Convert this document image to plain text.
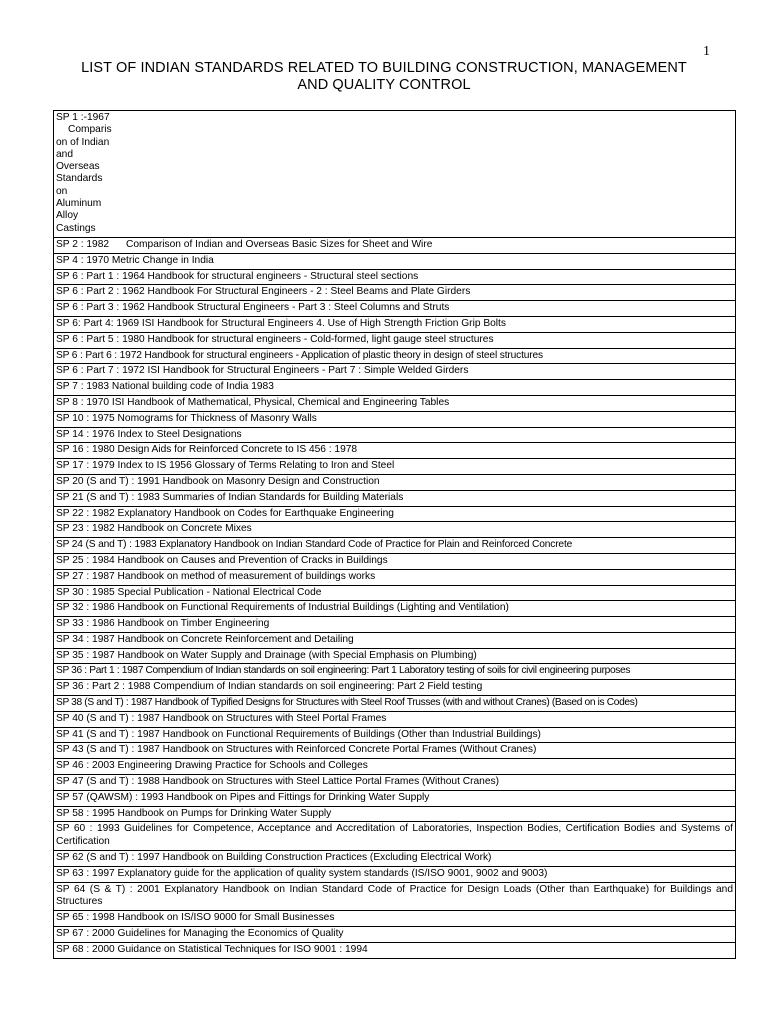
1
LIST OF INDIAN STANDARDS RELATED TO BUILDING CONSTRUCTION, MANAGEMENT
AND QUALITY CONTROL
SP 1 :-1967
Comparis
on of Indian
and
Overseas
Standards
on
Aluminum
Alloy
Castings
SP 2 : 1982      Comparison of Indian and Overseas Basic Sizes for Sheet and Wire
SP 4 : 1970 Metric Change in India
SP 6 : Part 1 : 1964 Handbook for structural engineers - Structural steel sections
SP 6 : Part 2 : 1962 Handbook For Structural Engineers - 2 : Steel Beams and Plate Girders
SP 6 : Part 3 : 1962 Handbook Structural Engineers - Part 3 : Steel Columns and Struts
SP 6: Part 4: 1969 ISI Handbook for Structural Engineers 4. Use of High Strength Friction Grip Bolts
SP 6 : Part 5 : 1980 Handbook for structural engineers - Cold-formed, light gauge steel structures
SP 6 : Part 6 : 1972 Handbook for structural engineers - Application of plastic theory in design of steel structures
SP 6 : Part 7 : 1972 ISI Handbook for Structural Engineers - Part 7 : Simple Welded Girders
SP 7 : 1983 National building code of India 1983
SP 8 : 1970 ISI Handbook of Mathematical, Physical, Chemical and Engineering Tables
SP 10 : 1975 Nomograms for Thickness of Masonry Walls
SP 14 : 1976 Index to Steel Designations
SP 16 : 1980 Design Aids for Reinforced Concrete to IS 456 : 1978
SP 17 : 1979 Index to IS 1956 Glossary of Terms Relating to Iron and Steel
SP 20 (S and T) : 1991 Handbook on Masonry Design and Construction
SP 21 (S and T) : 1983 Summaries of Indian Standards for Building Materials
SP 22 : 1982 Explanatory Handbook on Codes for Earthquake Engineering
SP 23 : 1982 Handbook on Concrete Mixes
SP 24 (S and T) : 1983 Explanatory Handbook on Indian Standard Code of Practice for Plain and Reinforced Concrete
SP 25 : 1984 Handbook on Causes and Prevention of Cracks in Buildings
SP 27 : 1987 Handbook on method of measurement of buildings works
SP 30 : 1985 Special Publication - National Electrical Code
SP 32 : 1986 Handbook on Functional Requirements of Industrial Buildings (Lighting and Ventilation)
SP 33 : 1986 Handbook on Timber Engineering
SP 34 : 1987 Handbook on Concrete Reinforcement and Detailing
SP 35 : 1987 Handbook on Water Supply and Drainage (with Special Emphasis on Plumbing)
SP 36 : Part 1 : 1987 Compendium of Indian standards on soil engineering: Part 1 Laboratory testing of soils for civil engineering purposes
SP 36 : Part 2 : 1988 Compendium of Indian standards on soil engineering: Part 2 Field testing
SP 38 (S and T) : 1987 Handbook of Typified Designs for Structures with Steel Roof Trusses (with and without Cranes) (Based on is Codes)
SP 40 (S and T) : 1987 Handbook on Structures with Steel Portal Frames
SP 41 (S and T) : 1987 Handbook on Functional Requirements of Buildings (Other than Industrial Buildings)
SP 43 (S and T) : 1987 Handbook on Structures with Reinforced Concrete Portal Frames (Without Cranes)
SP 46 : 2003 Engineering Drawing Practice for Schools and Colleges
SP 47 (S and T) : 1988 Handbook on Structures with Steel Lattice Portal Frames (Without Cranes)
SP 57 (QAWSM) : 1993 Handbook on Pipes and Fittings for Drinking Water Supply
SP 58 : 1995 Handbook on Pumps for Drinking Water Supply
SP 60 : 1993 Guidelines for Competence, Acceptance and Accreditation of Laboratories, Inspection Bodies, Certification Bodies and Systems of Certification
SP 62 (S and T) : 1997 Handbook on Building Construction Practices (Excluding Electrical Work)
SP 63 : 1997 Explanatory guide for the application of quality system standards (IS/ISO 9001, 9002 and 9003)
SP 64 (S & T) : 2001 Explanatory Handbook on Indian Standard Code of Practice for Design Loads (Other than Earthquake) for Buildings and Structures
SP 65 : 1998 Handbook on IS/ISO 9000 for Small Businesses
SP 67 : 2000 Guidelines for Managing the Economics of Quality
SP 68 : 2000 Guidance on Statistical Techniques for ISO 9001 : 1994
